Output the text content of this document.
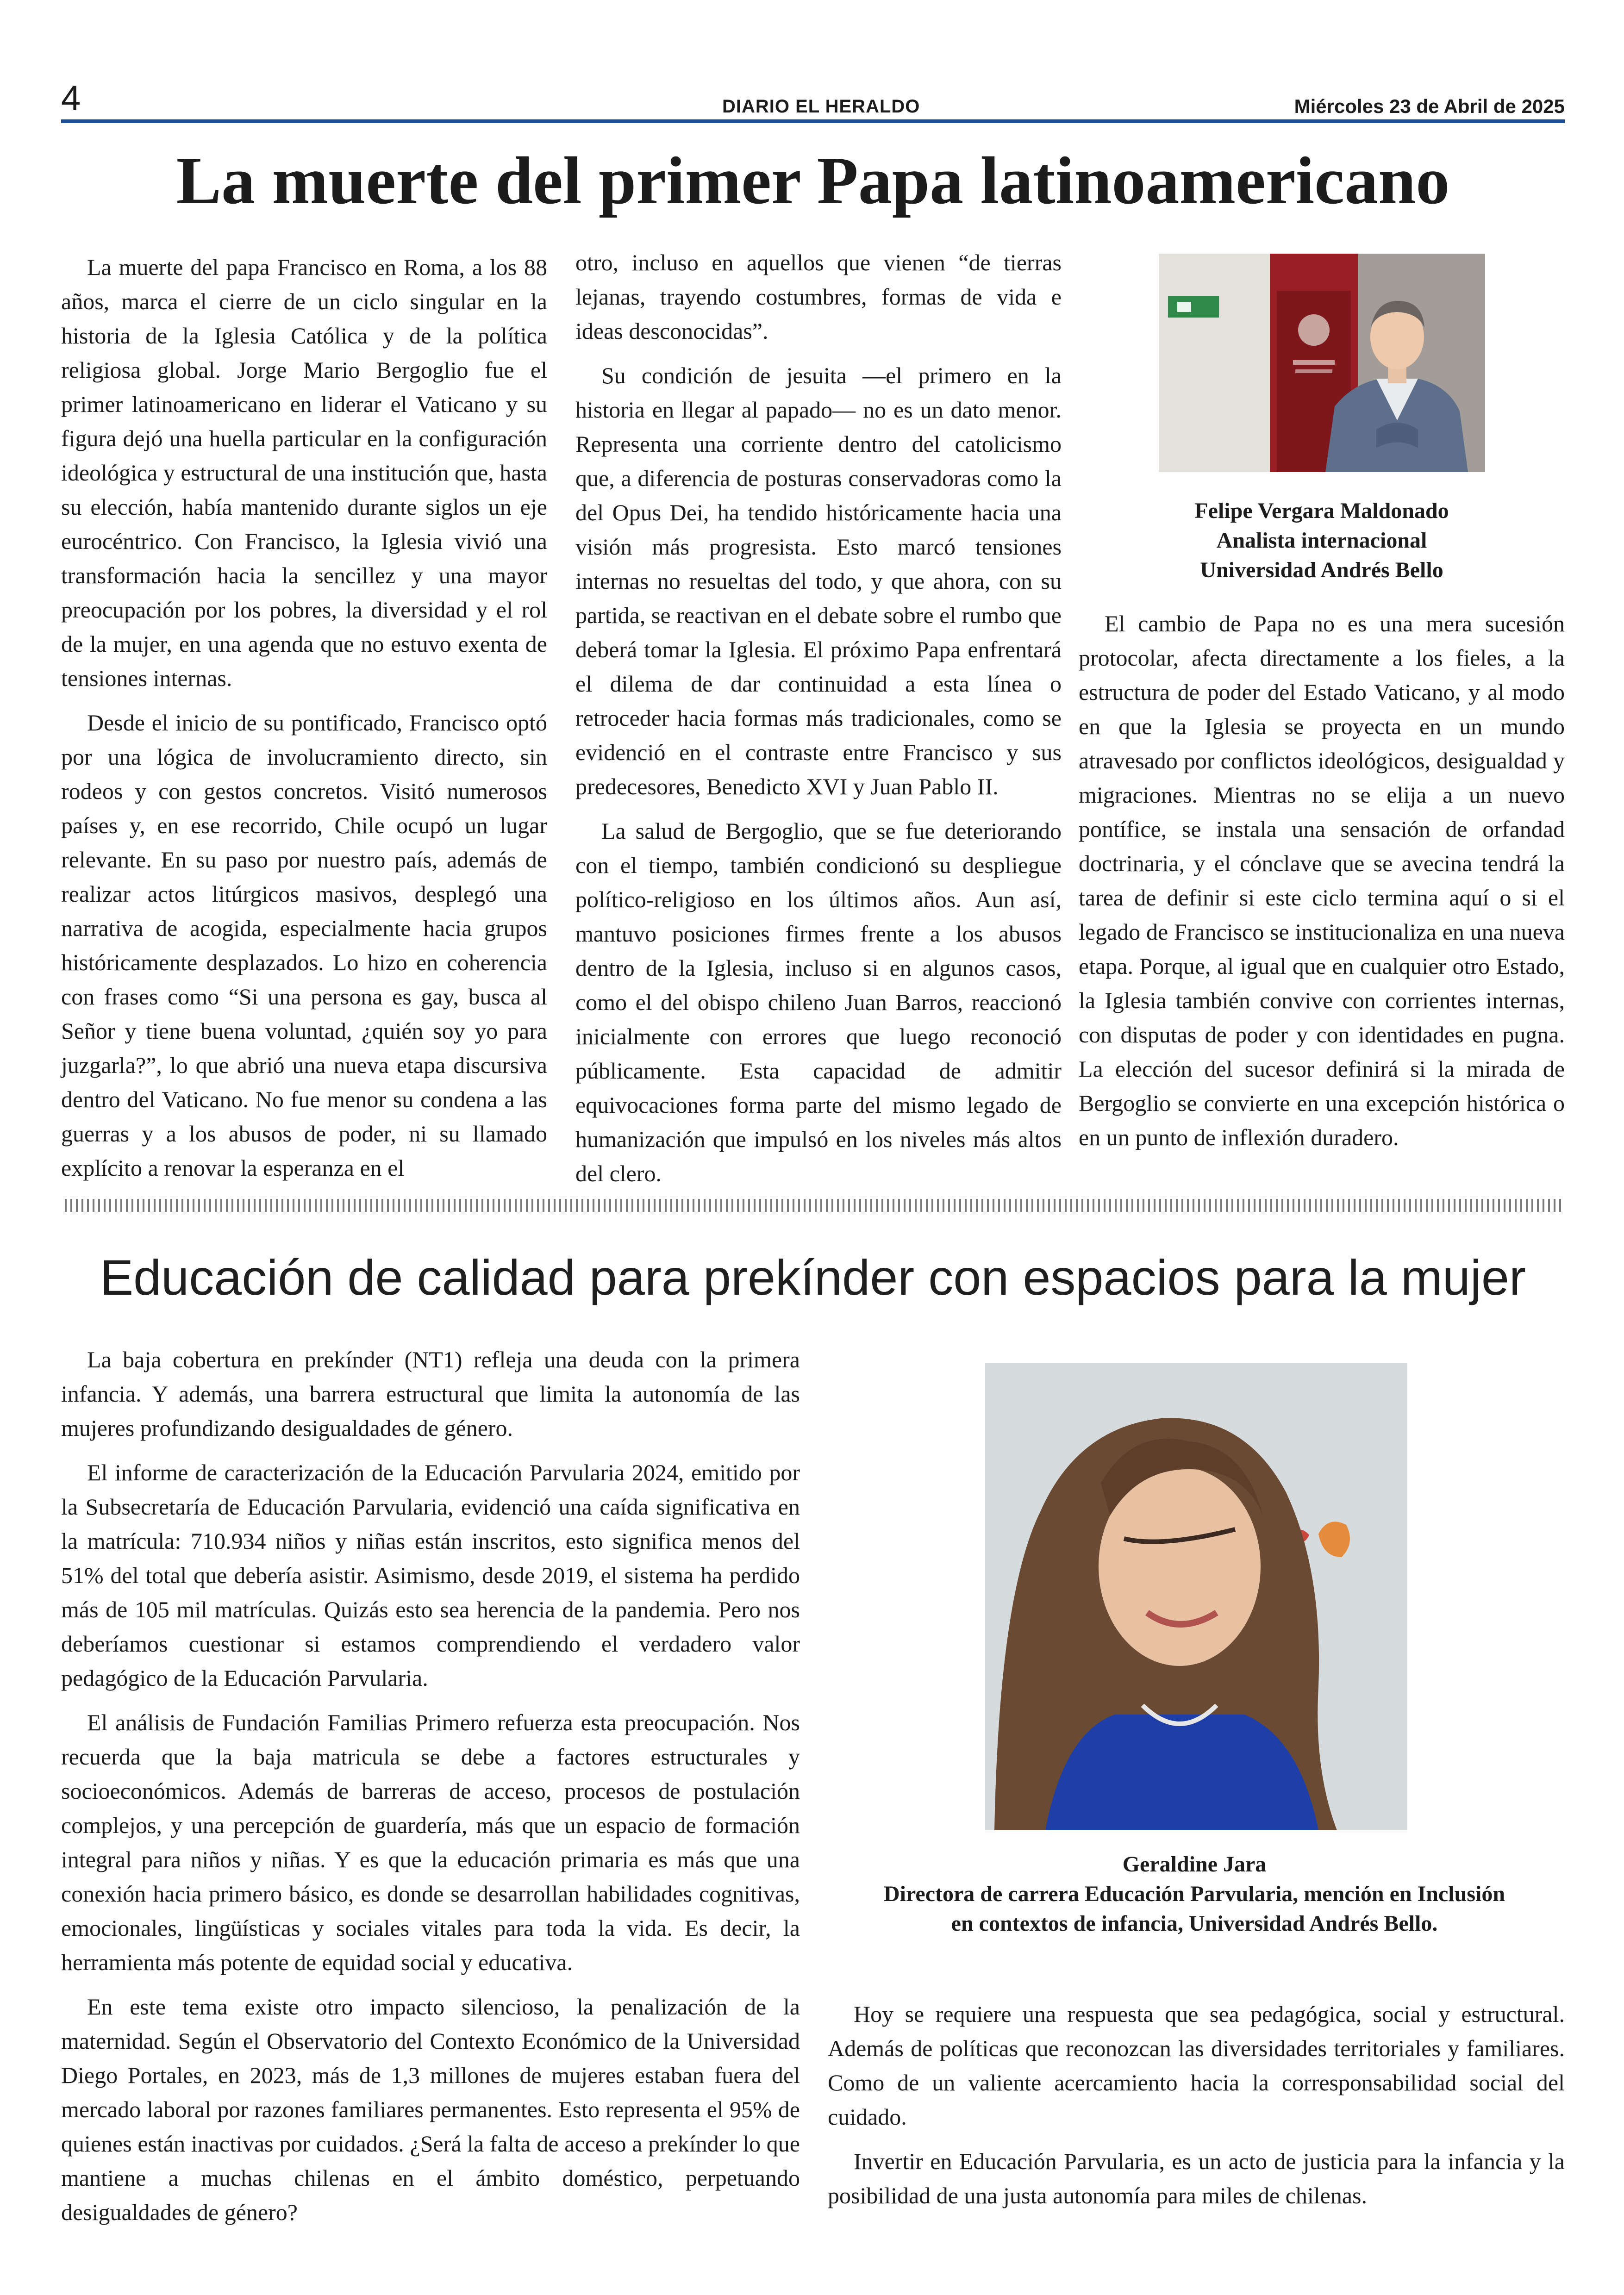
4	DIARIO EL HERALDO	Miércoles 23 de Abril de 2025
La muerte del primer Papa latinoamericano

La muerte del papa Francisco en Roma, a los 88 años, marca el cierre de un ciclo singular en la historia de la Iglesia Católica y de la política religiosa global. Jorge Mario Bergoglio fue el primer latinoamericano en liderar el Vaticano y su figura dejó una huella particular en la configuración ideológica y estructural de una institución que, hasta su elección, había mantenido durante siglos un eje eurocéntrico. Con Francisco, la Iglesia vivió una transformación hacia la sencillez y una mayor preocupación por los pobres, la diversidad y el rol de la mujer, en una agenda que no estuvo exenta de tensiones internas.

Desde el inicio de su pontificado, Francisco optó por una lógica de involucramiento directo, sin rodeos y con gestos concretos. Visitó numerosos países y, en ese recorrido, Chile ocupó un lugar relevante. En su paso por nuestro país, además de realizar actos litúrgicos masivos, desplegó una narrativa de acogida, especialmente hacia grupos históricamente desplazados. Lo hizo en coherencia con frases como “Si una persona es gay, busca al Señor y tiene buena voluntad, ¿quién soy yo para juzgarla?”, lo que abrió una nueva etapa discursiva dentro del Vaticano. No fue menor su condena a las guerras y a los abusos de poder, ni su llamado explícito a renovar la esperanza en el

otro, incluso en aquellos que vienen “de tierras lejanas, trayendo costumbres, formas de vida e ideas desconocidas”.

Su condición de jesuita —el primero en la historia en llegar al papado— no es un dato menor. Representa una corriente dentro del catolicismo que, a diferencia de posturas conservadoras como la del Opus Dei, ha tendido históricamente hacia una visión más progresista. Esto marcó tensiones internas no resueltas del todo, y que ahora, con su partida, se reactivan en el debate sobre el rumbo que deberá tomar la Iglesia. El próximo Papa enfrentará el dilema de dar continuidad a esta línea o retroceder hacia formas más tradicionales, como se evidenció en el contraste entre Francisco y sus predecesores, Benedicto XVI y Juan Pablo II.

La salud de Bergoglio, que se fue deteriorando con el tiempo, también condicionó su despliegue político-religioso en los últimos años. Aun así, mantuvo posiciones firmes frente a los abusos dentro de la Iglesia, incluso si en algunos casos, como el del obispo chileno Juan Barros, reaccionó inicialmente con errores que luego reconoció públicamente. Esta capacidad de admitir equivocaciones forma parte del mismo legado de humanización que impulsó en los niveles más altos del clero.

Felipe Vergara Maldonado
Analista internacional
Universidad Andrés Bello

El cambio de Papa no es una mera sucesión protocolar, afecta directamente a los fieles, a la estructura de poder del Estado Vaticano, y al modo en que la Iglesia se proyecta en un mundo atravesado por conflictos ideológicos, desigualdad y migraciones. Mientras no se elija a un nuevo pontífice, se instala una sensación de orfandad doctrinaria, y el cónclave que se avecina tendrá la tarea de definir si este ciclo termina aquí o si el legado de Francisco se institucionaliza en una nueva etapa. Porque, al igual que en cualquier otro Estado, la Iglesia también convive con corrientes internas, con disputas de poder y con identidades en pugna. La elección del sucesor definirá si la mirada de Bergoglio se convierte en una excepción histórica o en un punto de inflexión duradero.

Educación de calidad para prekínder con espacios para la mujer

La baja cobertura en prekínder (NT1) refleja una deuda con la primera infancia. Y además, una barrera estructural que limita la autonomía de las mujeres profundizando desigualdades de género.

El informe de caracterización de la Educación Parvularia 2024, emitido por la Subsecretaría de Educación Parvularia, evidenció una caída significativa en la matrícula: 710.934 niños y niñas están inscritos, esto significa menos del 51% del total que debería asistir. Asimismo, desde 2019, el sistema ha perdido más de 105 mil matrículas. Quizás esto sea herencia de la pandemia. Pero nos deberíamos cuestionar si estamos comprendiendo el verdadero valor pedagógico de la Educación Parvularia.

El análisis de Fundación Familias Primero refuerza esta preocupación. Nos recuerda que la baja matricula se debe a factores estructurales y socioeconómicos. Además de barreras de acceso, procesos de postulación complejos, y una percepción de guardería, más que un espacio de formación integral para niños y niñas. Y es que la educación primaria es más que una conexión hacia primero básico, es donde se desarrollan habilidades cognitivas, emocionales, lingüísticas y sociales vitales para toda la vida. Es decir, la herramienta más potente de equidad social y educativa.

En este tema existe otro impacto silencioso, la penalización de la maternidad. Según el Observatorio del Contexto Económico de la Universidad Diego Portales, en 2023, más de 1,3 millones de mujeres estaban fuera del mercado laboral por razones familiares permanentes. Esto representa el 95% de quienes están inactivas por cuidados. ¿Será la falta de acceso a prekínder lo que mantiene a muchas chilenas en el ámbito doméstico, perpetuando desigualdades de género?

Geraldine Jara
Directora de carrera Educación Parvularia, mención en Inclusión
en contextos de infancia, Universidad Andrés Bello.

Hoy se requiere una respuesta que sea pedagógica, social y estructural. Además de políticas que reconozcan las diversidades territoriales y familiares. Como de un valiente acercamiento hacia la corresponsabilidad social del cuidado.

Invertir en Educación Parvularia, es un acto de justicia para la infancia y la posibilidad de una justa autonomía para miles de chilenas.
